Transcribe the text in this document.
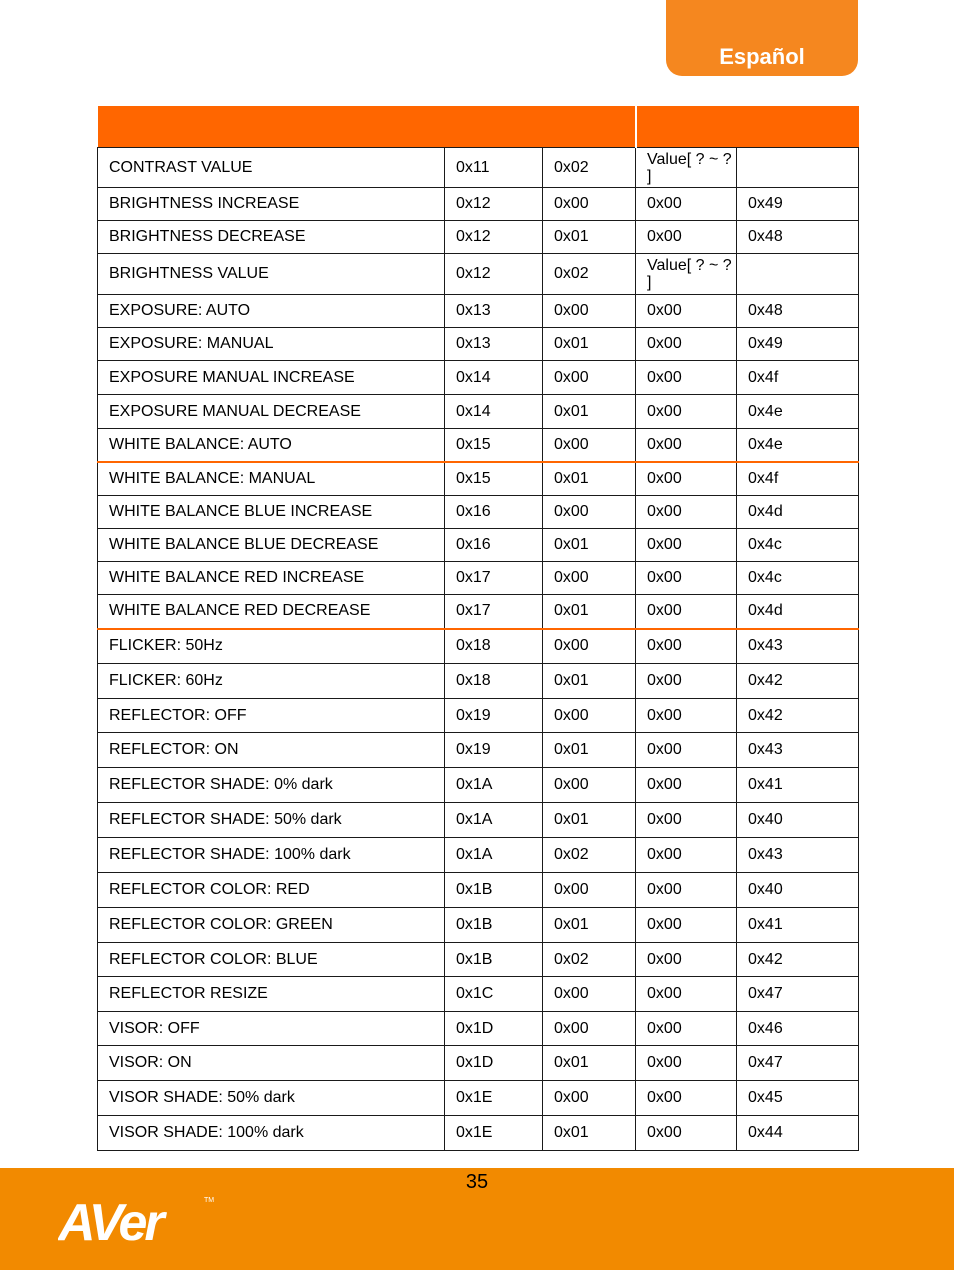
Español

CONTRAST VALUE	0x11	0x02	Value[ ? ~ ? ]	
BRIGHTNESS INCREASE	0x12	0x00	0x00	0x49
BRIGHTNESS DECREASE	0x12	0x01	0x00	0x48
BRIGHTNESS VALUE	0x12	0x02	Value[ ? ~ ? ]	
EXPOSURE: AUTO	0x13	0x00	0x00	0x48
EXPOSURE: MANUAL	0x13	0x01	0x00	0x49
EXPOSURE MANUAL INCREASE	0x14	0x00	0x00	0x4f
EXPOSURE MANUAL DECREASE	0x14	0x01	0x00	0x4e
WHITE BALANCE: AUTO	0x15	0x00	0x00	0x4e
WHITE BALANCE: MANUAL	0x15	0x01	0x00	0x4f
WHITE BALANCE BLUE INCREASE	0x16	0x00	0x00	0x4d
WHITE BALANCE BLUE DECREASE	0x16	0x01	0x00	0x4c
WHITE BALANCE RED INCREASE	0x17	0x00	0x00	0x4c
WHITE BALANCE RED DECREASE	0x17	0x01	0x00	0x4d
FLICKER: 50Hz	0x18	0x00	0x00	0x43
FLICKER: 60Hz	0x18	0x01	0x00	0x42
REFLECTOR: OFF	0x19	0x00	0x00	0x42
REFLECTOR: ON	0x19	0x01	0x00	0x43
REFLECTOR SHADE: 0% dark	0x1A	0x00	0x00	0x41
REFLECTOR SHADE: 50% dark	0x1A	0x01	0x00	0x40
REFLECTOR SHADE: 100% dark	0x1A	0x02	0x00	0x43
REFLECTOR COLOR: RED	0x1B	0x00	0x00	0x40
REFLECTOR COLOR: GREEN	0x1B	0x01	0x00	0x41
REFLECTOR COLOR: BLUE	0x1B	0x02	0x00	0x42
REFLECTOR RESIZE	0x1C	0x00	0x00	0x47
VISOR: OFF	0x1D	0x00	0x00	0x46
VISOR: ON	0x1D	0x01	0x00	0x47
VISOR SHADE: 50% dark	0x1E	0x00	0x00	0x45
VISOR SHADE: 100% dark	0x1E	0x01	0x00	0x44
35
AVer	TM
